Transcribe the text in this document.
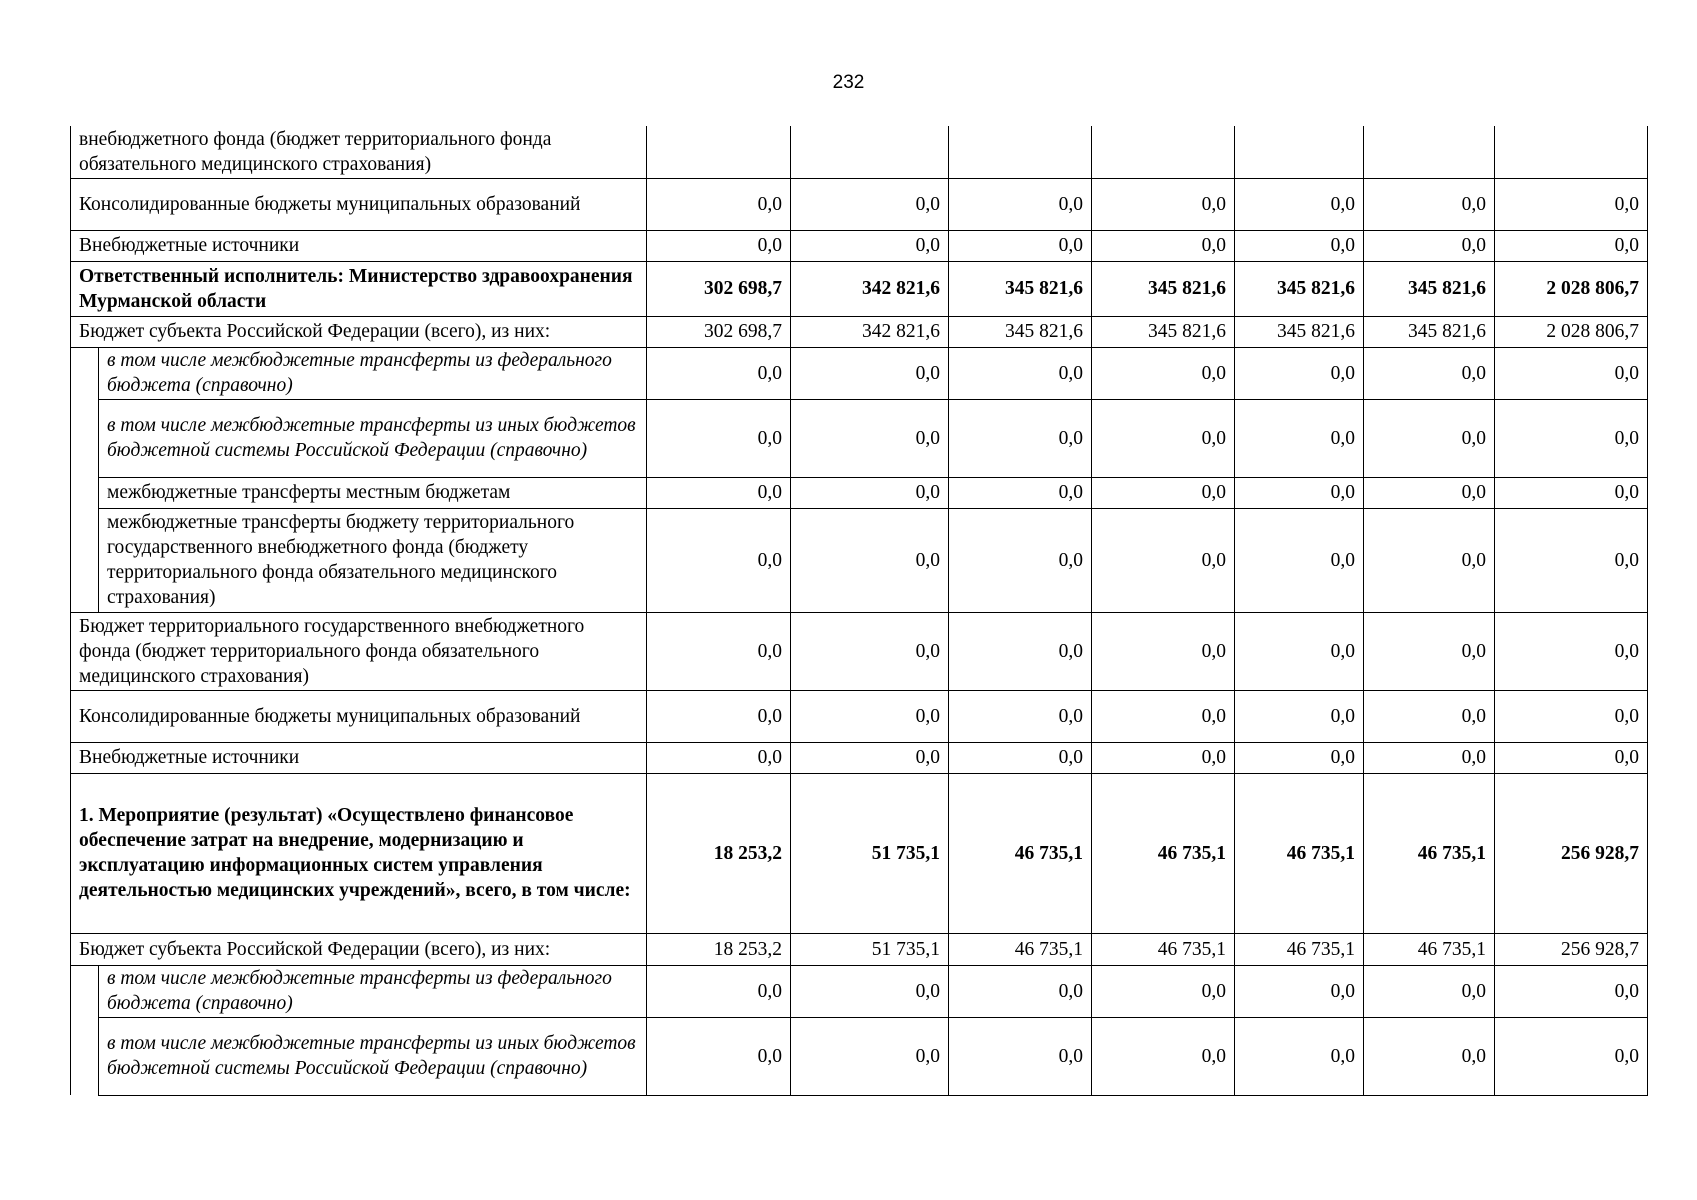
232
внебюджетного фонда (бюджет территориального фонда обязательного медицинского страхования)								
Консолидированные бюджеты муниципальных образований		0,0	0,0	0,0	0,0	0,0	0,0	0,0
Внебюджетные источники		0,0	0,0	0,0	0,0	0,0	0,0	0,0
Ответственный исполнитель: Министерство здравоохранения Мурманской области		302 698,7	342 821,6	345 821,6	345 821,6	345 821,6	345 821,6	2 028 806,7
Бюджет субъекта Российской Федерации (всего), из них:		302 698,7	342 821,6	345 821,6	345 821,6	345 821,6	345 821,6	2 028 806,7
	в том числе межбюджетные трансферты из федерального бюджета (справочно)	0,0	0,0	0,0	0,0	0,0	0,0	0,0
	в том числе межбюджетные трансферты из иных бюджетов бюджетной системы Российской Федерации (справочно)	0,0	0,0	0,0	0,0	0,0	0,0	0,0
	межбюджетные трансферты местным бюджетам	0,0	0,0	0,0	0,0	0,0	0,0	0,0
	межбюджетные трансферты бюджету территориального государственного внебюджетного фонда (бюджету территориального фонда обязательного медицинского страхования)	0,0	0,0	0,0	0,0	0,0	0,0	0,0
Бюджет территориального государственного внебюджетного фонда (бюджет территориального фонда обязательного медицинского страхования)		0,0	0,0	0,0	0,0	0,0	0,0	0,0
Консолидированные бюджеты муниципальных образований		0,0	0,0	0,0	0,0	0,0	0,0	0,0
Внебюджетные источники		0,0	0,0	0,0	0,0	0,0	0,0	0,0
1. Мероприятие (результат) «Осуществлено финансовое обеспечение затрат на внедрение, модернизацию и эксплуатацию информационных систем управления деятельностью медицинских учреждений», всего, в том числе:		18 253,2	51 735,1	46 735,1	46 735,1	46 735,1	46 735,1	256 928,7
Бюджет субъекта Российской Федерации (всего), из них:		18 253,2	51 735,1	46 735,1	46 735,1	46 735,1	46 735,1	256 928,7
	в том числе межбюджетные трансферты из федерального бюджета (справочно)	0,0	0,0	0,0	0,0	0,0	0,0	0,0
	в том числе межбюджетные трансферты из иных бюджетов бюджетной системы Российской Федерации (справочно)	0,0	0,0	0,0	0,0	0,0	0,0	0,0
